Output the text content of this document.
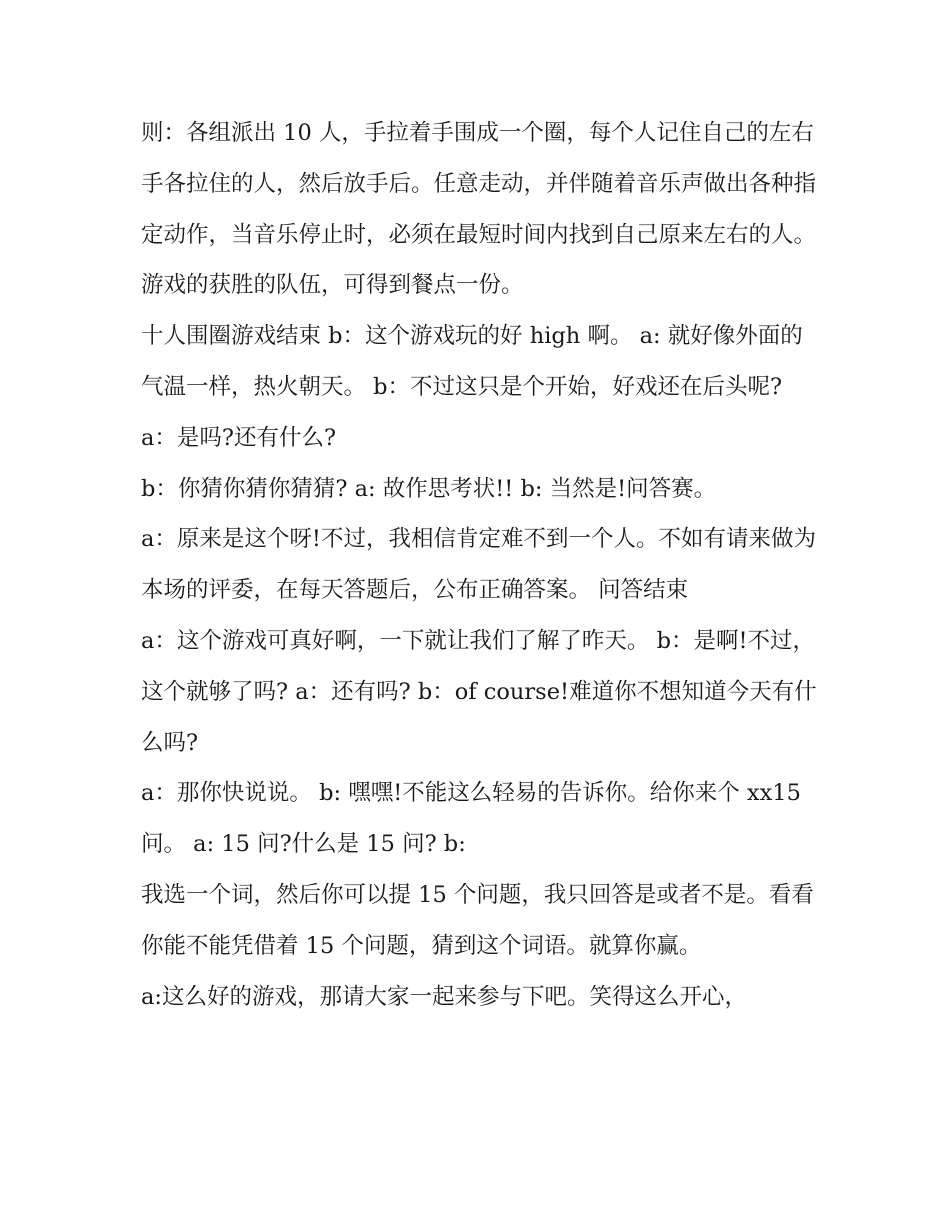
则：各组派出 10 人，手拉着手围成一个圈，每个人记住自己的左右手各拉住的人，然后放手后。任意走动，并伴随着音乐声做出各种指定动作，当音乐停止时，必须在最短时间内找到自己原来左右的人。游戏的获胜的队伍，可得到餐点一份。

十人围圈游戏结束 b：这个游戏玩的好 high 啊。 a: 就好像外面的气温一样，热火朝天。 b：不过这只是个开始，好戏还在后头呢? a：是吗?还有什么?

b：你猜你猜你猜猜? a: 故作思考状!! b: 当然是!问答赛。

a：原来是这个呀!不过，我相信肯定难不到一个人。不如有请来做为本场的评委，在每天答题后，公布正确答案。 问答结束

a：这个游戏可真好啊，一下就让我们了解了昨天。 b：是啊!不过，这个就够了吗? a：还有吗? b：of course!难道你不想知道今天有什么吗?

a：那你快说说。 b: 嘿嘿!不能这么轻易的告诉你。给你来个 xx15 问。 a: 15 问?什么是 15 问? b:

我选一个词，然后你可以提 15 个问题，我只回答是或者不是。看看你能不能凭借着 15 个问题，猜到这个词语。就算你赢。

a:这么好的游戏，那请大家一起来参与下吧。笑得这么开心，
